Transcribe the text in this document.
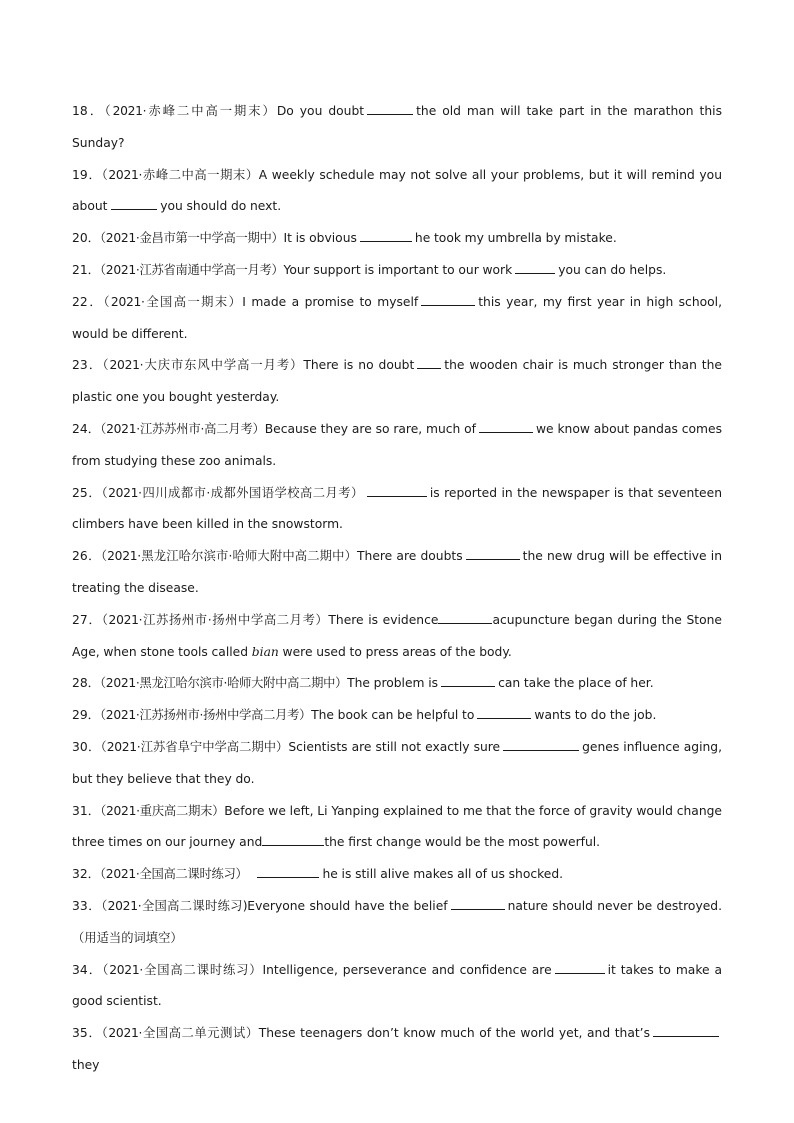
18．（2021·赤峰二中高一期末）Do you doubt	the old man will take part in the marathon this Sunday?
19．（2021·赤峰二中高一期末）A weekly schedule may not solve all your problems, but it will remind you about	you should do next.
20．（2021·金昌市第一中学高一期中）It is obvious	he took my umbrella by mistake.
21．（2021·江苏省南通中学高一月考）Your support is important to our work	you can do helps.
22．（2021·全国高一期末）I made a promise to myself	this year, my first year in high school, would be different.
23．（2021·大庆市东风中学高一月考）There is no doubt the wooden chair is much stronger than the plastic one you bought yesterday.
24．（2021·江苏苏州市·高二月考）Because they are so rare, much of	we know about pandas comes from studying these zoo animals.
25．（2021·四川成都市·成都外国语学校高二月考）	is reported in the newspaper is that seventeen climbers have been killed in the snowstorm.
26．（2021·黑龙江哈尔滨市·哈师大附中高二期中）There are doubts	the new drug will be effective in treating the disease.
27．（2021·江苏扬州市·扬州中学高二月考）There is evidence	acupuncture began during the Stone Age, when stone tools called bian were used to press areas of the body.
28．（2021·黑龙江哈尔滨市·哈师大附中高二期中）The problem is	can take the place of her.
29．（2021·江苏扬州市·扬州中学高二月考）The book can be helpful to	wants to do the job.
30．（2021·江苏省阜宁中学高二期中）Scientists are still not exactly sure	genes influence aging, but they believe that they do.
31．（2021·重庆高二期末）Before we left, Li Yanping explained to me that the force of gravity would change three times on our journey and	the first change would be the most powerful.
32．（2021·全国高二课时练习）	he is still alive makes all of us shocked.
33．（2021·全国高二课时练习)Everyone should have the belief	nature should never be destroyed.（用适当的词填空）
34．（2021·全国高二课时练习）Intelligence, perseverance and confidence are	it takes to make a good scientist.
35．（2021·全国高二单元测试）These teenagers don’t know much of the world yet, and that’sthey
